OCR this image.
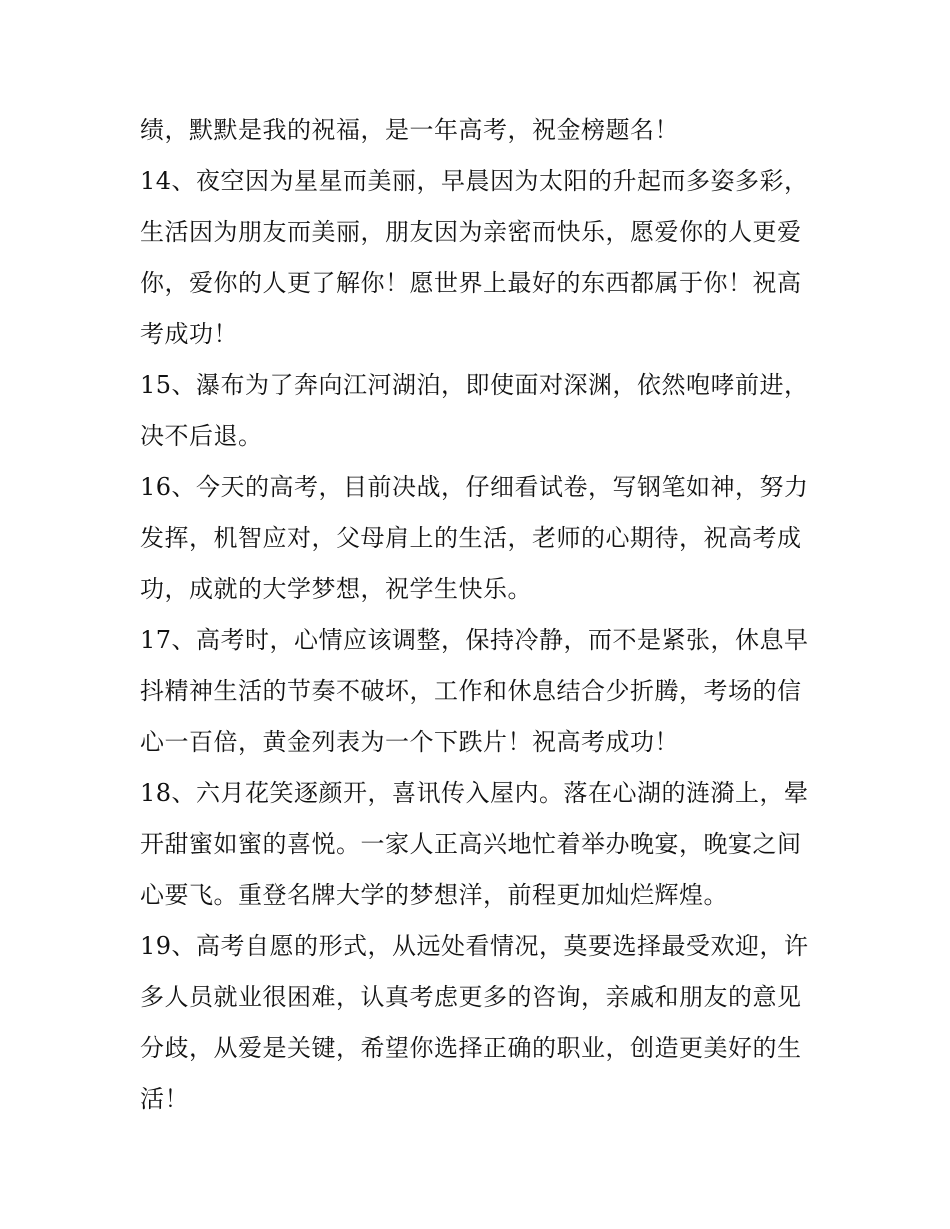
绩，默默是我的祝福，是一年高考，祝金榜题名！
14、夜空因为星星而美丽，早晨因为太阳的升起而多姿多彩，
生活因为朋友而美丽，朋友因为亲密而快乐，愿爱你的人更爱
你，爱你的人更了解你！愿世界上最好的东西都属于你！祝高
考成功！
15、瀑布为了奔向江河湖泊，即使面对深渊，依然咆哮前进，
决不后退。
16、今天的高考，目前决战，仔细看试卷，写钢笔如神，努力
发挥，机智应对，父母肩上的生活，老师的心期待，祝高考成
功，成就的大学梦想，祝学生快乐。
17、高考时，心情应该调整，保持冷静，而不是紧张，休息早
抖精神生活的节奏不破坏，工作和休息结合少折腾，考场的信
心一百倍，黄金列表为一个下跌片！祝高考成功！
18、六月花笑逐颜开，喜讯传入屋内。落在心湖的涟漪上，晕
开甜蜜如蜜的喜悦。一家人正高兴地忙着举办晚宴，晚宴之间
心要飞。重登名牌大学的梦想洋，前程更加灿烂辉煌。
19、高考自愿的形式，从远处看情况，莫要选择最受欢迎，许
多人员就业很困难，认真考虑更多的咨询，亲戚和朋友的意见
分歧，从爱是关键，希望你选择正确的职业，创造更美好的生
活！
